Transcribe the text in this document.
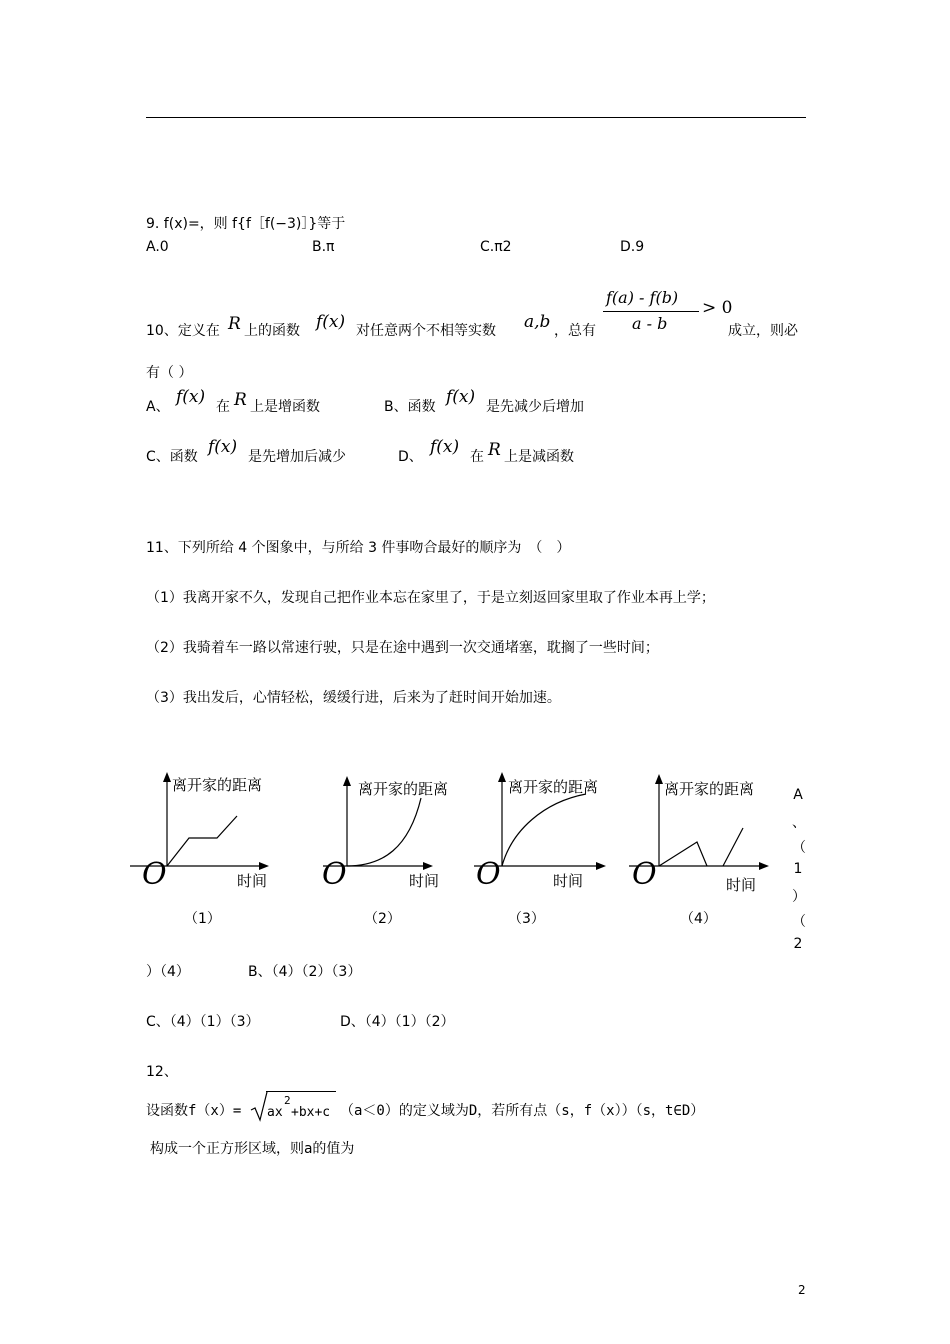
9. f(x)=，则 f{f［f(−3)］}等于
A.0	B.π	C.π2	D.9
10、定义在 R 上的函数 f(x) 对任意两个不相等实数 a,b ，总有
f(a) - f(b)
a - b
> 0
成立，则必
有（ ）
A、 f(x) 在 R 上是增函数	B、函数 f(x) 是先减少后增加
C、函数 f(x) 是先增加后减少	D、 f(x) 在 R 上是减函数
11、下列所给 4 个图象中，与所给 3 件事吻合最好的顺序为　（　）
（1）我离开家不久，发现自己把作业本忘在家里了，于是立刻返回家里取了作业本再上学；
（2）我骑着车一路以常速行驶，只是在途中遇到一次交通堵塞，耽搁了一些时间；
（3）我出发后，心情轻松，缓缓行进，后来为了赶时间开始加速。
离开家的距离
O	时间
（1）
离开家的距离
O	时间
（2）
离开家的距离
O	时间
（3）
离开家的距离
O	时间
（4）
A
、
（
1
）
（
2
）（4）	B、（4）（2）（3）
C、（4）（1）（3）	D、（4）（1）（2）
12、
设函数f（x）= ax
2
+bx+c （a＜0）的定义域为D，若所有点（s，f（x））（s，t∈D）
构成一个正方形区域，则a的值为
2
